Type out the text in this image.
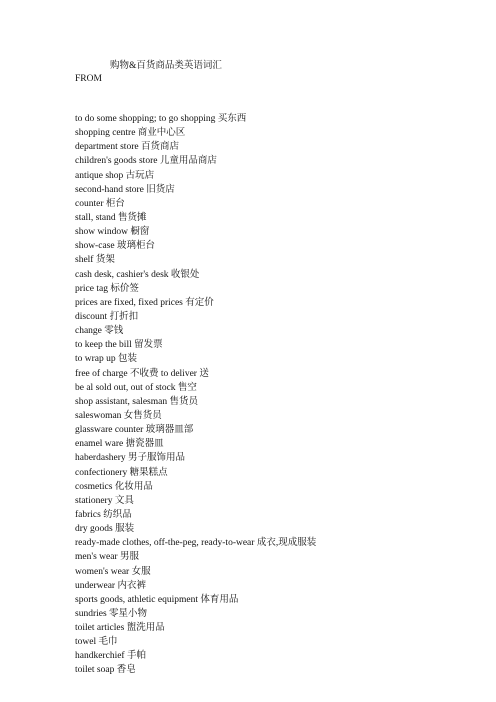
购物&百货商品类英语词汇
FROM
to do some shopping; to go shopping 买东西
shopping centre 商业中心区
department store 百货商店
children's goods store 儿童用品商店
antique shop 古玩店
second-hand store 旧货店
counter 柜台
stall, stand 售货摊
show window 橱窗
show-case 玻璃柜台
shelf 货架
cash desk, cashier's desk 收银处
price tag 标价签
prices are fixed, fixed prices 有定价
discount 打折扣
change 零钱
to keep the bill 留发票
to wrap up 包装
free of charge 不收费 to deliver 送
be al sold out, out of stock 售空
shop assistant, salesman 售货员
saleswoman 女售货员
glassware counter 玻璃器皿部
enamel ware 搪瓷器皿
haberdashery 男子服饰用品
confectionery 糖果糕点
cosmetics 化妆用品
stationery 文具
fabrics 纺织品
dry goods 服装
ready-made clothes, off-the-peg, ready-to-wear 成衣,现成服装
men's wear 男服
women's wear 女服
underwear 内衣裤
sports goods, athletic equipment 体育用品
sundries 零星小物
toilet articles 盥洗用品
towel 毛巾
handkerchief 手帕
toilet soap 香皂
